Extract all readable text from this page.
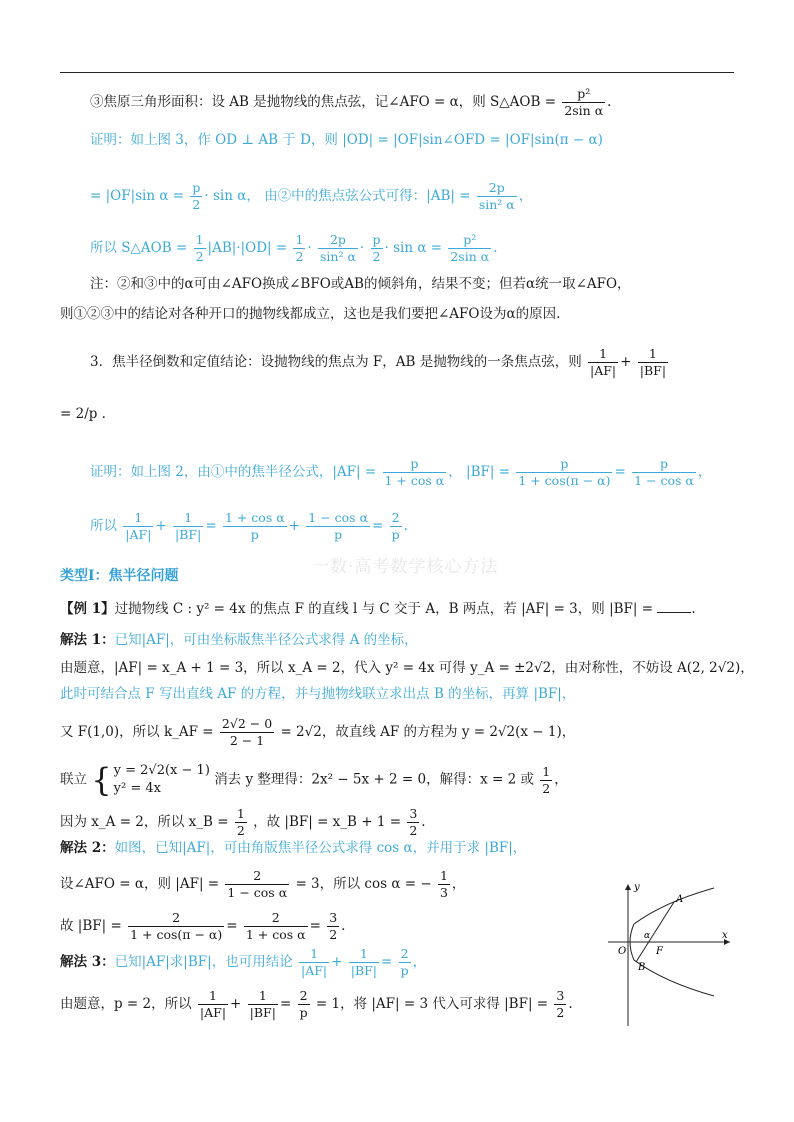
一数·高考数学核心方法
③焦原三角形面积：设 AB 是抛物线的焦点弦，记∠AFO = α，则 S△AOB = $\frac{\text{p²}}{\text{2sin α}}$ .
证明：如上图 3，作 OD ⊥ AB 于 D，则 |OD| = |OF|sin∠OFD = |OF|sin(π − α)
= |OF|sin $\alpha = \frac{p}{2} \cdot \sin \alpha$， 由②中的焦点弦公式可得：$|AB| = \frac{2p}{\text{sin² α}}$ ，
所以 S△AOB = $\frac{1}{2} |AB|\cdot|OD| = \frac{1}{2} \cdot \frac{2p}{\text{sin² α}} \cdot \frac{p}{2} \cdot \sin \alpha = \frac{\text{p²}}{\text{2sin α}}$ .
注：②和③中的α可由∠AFO换成∠BFO或AB的倾斜角，结果不变；但若α统一取∠AFO，
则①②③中的结论对各种开口的抛物线都成立，这也是我们要把∠AFO设为α的原因.
3．焦半径倒数和定值结论：设抛物线的焦点为 F，AB 是抛物线的一条焦点弦，则 $\frac{1}{|AF|} + \frac{1}{|BF|}$
= 2/p .
证明：如上图 2，由①中的焦半径公式，$|AF| = \frac{p}{\text{1 + cos α}}$ ， $|BF| = \frac{p}{1 + \cos(\pi - \alpha)} = \frac{p}{\text{1 − cos α}}$ ，
所以 $\frac{1}{|AF|} + \frac{1}{|BF|} = \frac{\text{1 + cos α}}{p} + \frac{\text{1 − cos α}}{p} = \frac{2}{p}$ .
类型Ⅰ：焦半径问题
【例 1】过抛物线 C : y² = 4x 的焦点 F 的直线 l 与 C 交于 A，B 两点，若 |AF| = 3，则 |BF| =	.
解法 1：已知|AF|，可由坐标版焦半径公式求得 A 的坐标，
由题意，|AF| = x_A + 1 = 3，所以 x_A = 2，代入 y² = 4x 可得 y_A = ±2√2，由对称性，不妨设 A(2, 2√2)，
此时可结合点 F 写出直线 AF 的方程，并与抛物线联立求出点 B 的坐标，再算 |BF|，
又 F(1,0)，所以 k_AF = $\frac{2√2 - 0}{2 - 1} = 2√2$，故直线 AF 的方程为 y = 2√2(x − 1)，
联立 { y = 2√2(x − 1)
y² = 4x 消去 y 整理得：2x² − 5x + 2 = 0，解得：x = 2 或 $\frac{1}{2}$ ，
因为 x_A = 2，所以 x_B = $\frac{1}{2}$ ，故 |BF| = x_B + $1 = \frac{3}{2}$ .
解法 2：如图，已知|AF|，可由角版焦半径公式求得 cos α，并用于求 |BF|，
设∠AFO = α，则 $|AF| = \frac{2}{\text{1 − cos α}} = 3$，所以 cos α = − $\frac{1}{3}$ ，
故 $|BF| = \frac{2}{1 + \cos(\pi - \alpha)} = \frac{2}{\text{1 + cos α}} = \frac{3}{2}$ .
解法 3：已知|AF|求|BF|，也可用结论 $\frac{1}{|AF|} + \frac{1}{|BF|} = \frac{2}{p}$ ，
由题意，p = 2，所以 $\frac{1}{|AF|} + \frac{1}{|BF|} = \frac{2}{p} = 1$，将 |AF| = 3 代入可求得 $|BF| = \frac{3}{2}$ .
y
x
O	F
A
B
α
